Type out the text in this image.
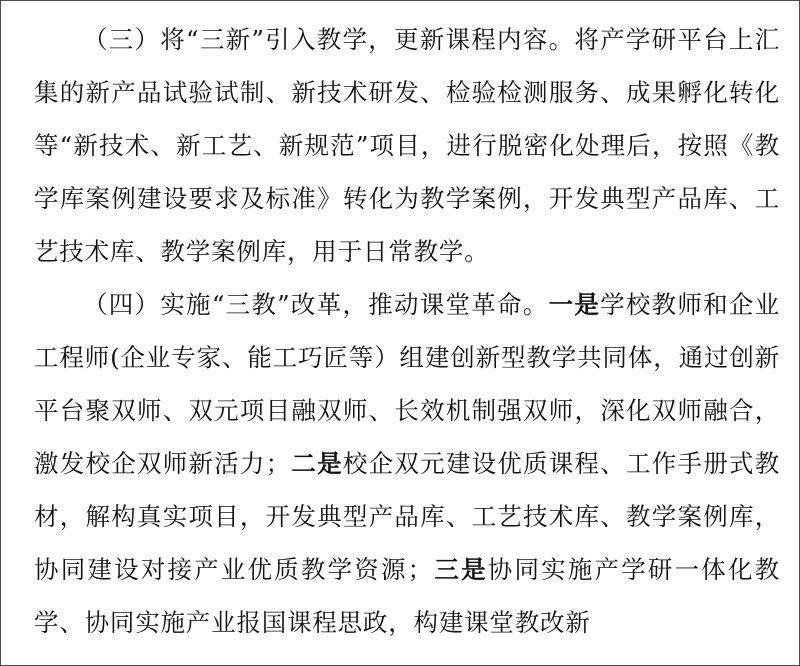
（三）将“三新”引入教学，更新课程内容。将产学研平台上汇集的新产品试验试制、新技术研发、检验检测服务、成果孵化转化等“新技术、新工艺、新规范”项目，进行脱密化处理后，按照《教学库案例建设要求及标准》转化为教学案例，开发典型产品库、工艺技术库、教学案例库，用于日常教学。

（四）实施“三教”改革，推动课堂革命。一是学校教师和企业工程师(企业专家、能工巧匠等）组建创新型教学共同体，通过创新平台聚双师、双元项目融双师、长效机制强双师，深化双师融合，激发校企双师新活力；二是校企双元建设优质课程、工作手册式教材，解构真实项目，开发典型产品库、工艺技术库、教学案例库，协同建设对接产业优质教学资源；三是协同实施产学研一体化教学、协同实施产业报国课程思政，构建课堂教改新
